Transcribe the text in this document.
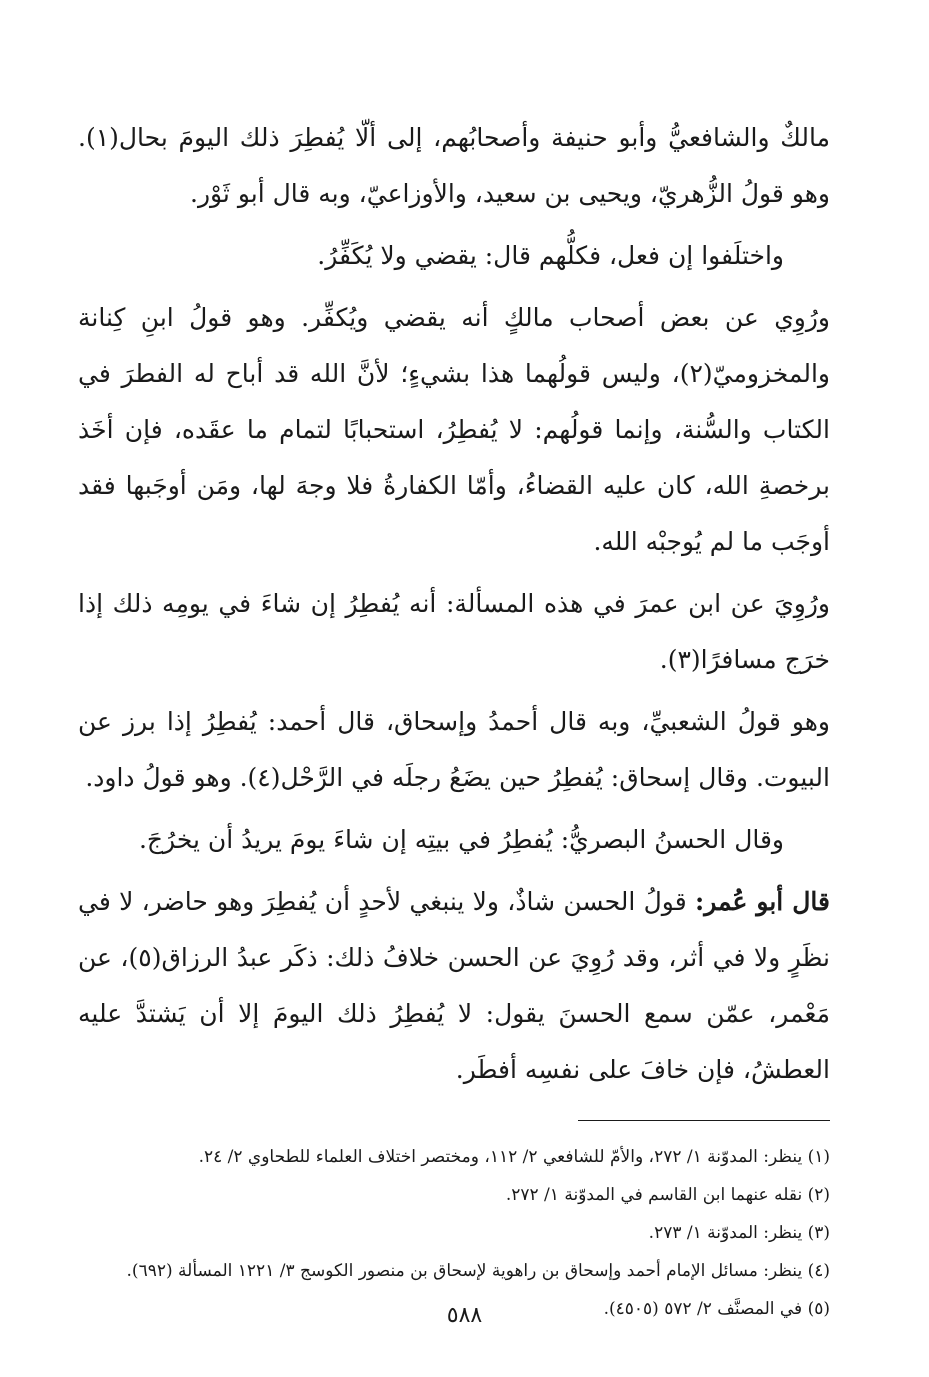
مالكٌ والشافعيُّ وأبو حنيفة وأصحابُهم، إلى ألّا يُفطِرَ ذلك اليومَ بحال(١). وهو قولُ الزُّهريّ، ويحيى بن سعيد، والأوزاعيّ، وبه قال أبو ثَوْر.

واختلَفوا إن فعل، فكلُّهم قال: يقضي ولا يُكَفِّرُ.

ورُوِي عن بعض أصحاب مالكٍ أنه يقضي ويُكفِّر. وهو قولُ ابنِ كِنانة والمخزوميّ(٢)، وليس قولُهما هذا بشيءٍ؛ لأنَّ الله قد أباح له الفطرَ في الكتاب والسُّنة، وإنما قولُهم: لا يُفطِرُ، استحبابًا لتمام ما عقَده، فإن أخَذ برخصةِ الله، كان عليه القضاءُ، وأمّا الكفارةُ فلا وجهَ لها، ومَن أوجَبها فقد أوجَب ما لم يُوجبْه الله.

ورُوِيَ عن ابن عمرَ في هذه المسألة: أنه يُفطِرُ إن شاءَ في يومِه ذلك إذا خرَج مسافرًا(٣).

وهو قولُ الشعبيِّ، وبه قال أحمدُ وإسحاق، قال أحمد: يُفطِرُ إذا برز عن البيوت. وقال إسحاق: يُفطِرُ حين يضَعُ رجلَه في الرَّحْل(٤). وهو قولُ داود.

وقال الحسنُ البصريُّ: يُفطِرُ في بيتِه إن شاءَ يومَ يريدُ أن يخرُجَ.

قال أبو عُمر: قولُ الحسن شاذٌ، ولا ينبغي لأحدٍ أن يُفطِرَ وهو حاضر، لا في نظَرٍ ولا في أثر، وقد رُوِيَ عن الحسن خلافُ ذلك: ذكَر عبدُ الرزاق(٥)، عن مَعْمر، عمّن سمع الحسنَ يقول: لا يُفطِرُ ذلك اليومَ إلا أن يَشتدَّ عليه العطشُ، فإن خافَ على نفسِه أفطَر.

(١) ينظر: المدوّنة ١/ ٢٧٢، والأمّ للشافعي ٢/ ١١٢، ومختصر اختلاف العلماء للطحاوي ٢/ ٢٤.

(٢) نقله عنهما ابن القاسم في المدوّنة ١/ ٢٧٢.

(٣) ينظر: المدوّنة ١/ ٢٧٣.

(٤) ينظر: مسائل الإمام أحمد وإسحاق بن راهوية لإسحاق بن منصور الكوسج ٣/ ١٢٢١ المسألة (٦٩٢).

(٥) في المصنَّف ٢/ ٥٧٢ (٤٥٠٥).

٥٨٨
